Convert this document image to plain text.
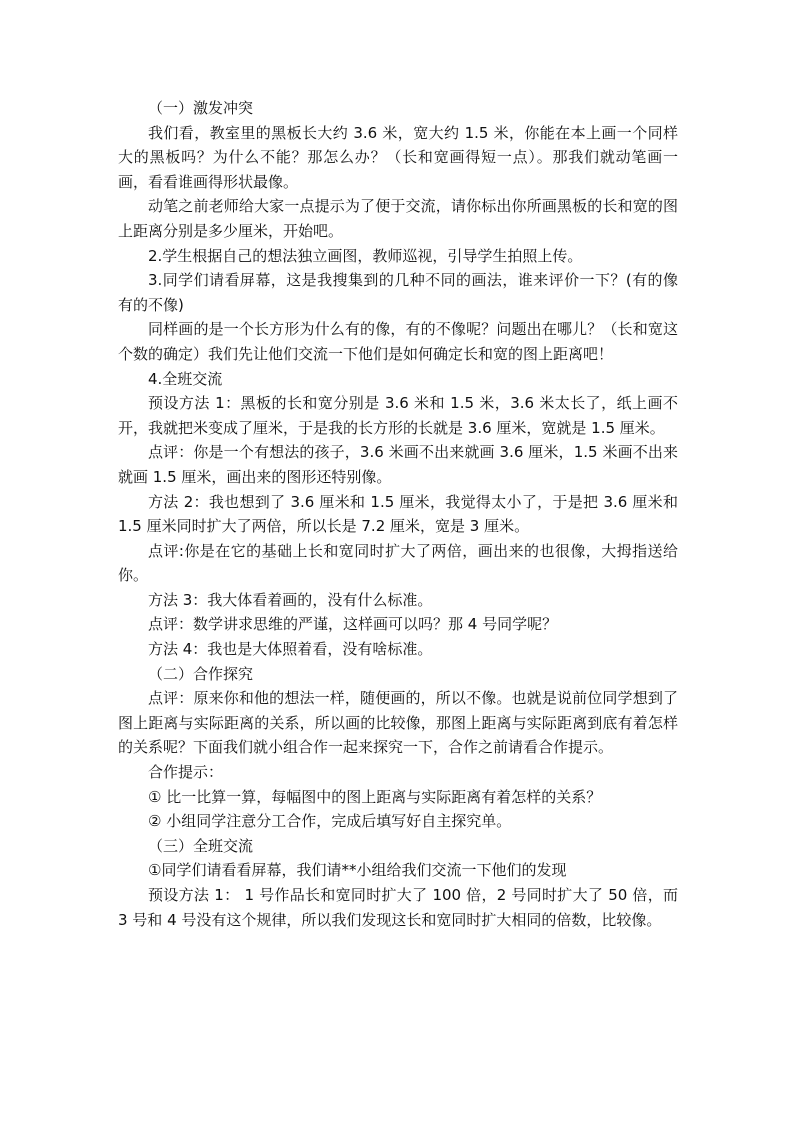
（一）激发冲突

我们看，教室里的黑板长大约 3.6 米，宽大约 1.5 米，你能在本上画一个同样大的黑板吗？为什么不能？那怎么办？（长和宽画得短一点）。那我们就动笔画一画，看看谁画得形状最像。

动笔之前老师给大家一点提示为了便于交流，请你标出你所画黑板的长和宽的图上距离分别是多少厘米，开始吧。

2.学生根据自己的想法独立画图，教师巡视，引导学生拍照上传。

3.同学们请看屏幕，这是我搜集到的几种不同的画法，谁来评价一下？(有的像有的不像)

同样画的是一个长方形为什么有的像，有的不像呢？问题出在哪儿？（长和宽这个数的确定）我们先让他们交流一下他们是如何确定长和宽的图上距离吧！

4.全班交流

预设方法 1：黑板的长和宽分别是 3.6 米和 1.5 米，3.6 米太长了，纸上画不开，我就把米变成了厘米，于是我的长方形的长就是 3.6 厘米，宽就是 1.5 厘米。

点评：你是一个有想法的孩子，3.6 米画不出来就画 3.6 厘米，1.5 米画不出来就画 1.5 厘米，画出来的图形还特别像。

方法 2：我也想到了 3.6 厘米和 1.5 厘米，我觉得太小了，于是把 3.6 厘米和 1.5 厘米同时扩大了两倍，所以长是 7.2 厘米，宽是 3 厘米。

点评:你是在它的基础上长和宽同时扩大了两倍，画出来的也很像，大拇指送给你。

方法 3：我大体看着画的，没有什么标准。

点评：数学讲求思维的严谨，这样画可以吗？那 4 号同学呢？

方法 4：我也是大体照着看，没有啥标准。

（二）合作探究

点评：原来你和他的想法一样，随便画的，所以不像。也就是说前位同学想到了图上距离与实际距离的关系，所以画的比较像，那图上距离与实际距离到底有着怎样的关系呢？下面我们就小组合作一起来探究一下，合作之前请看合作提示。

合作提示：

① 比一比算一算，每幅图中的图上距离与实际距离有着怎样的关系？

② 小组同学注意分工合作，完成后填写好自主探究单。

（三）全班交流

①同学们请看看屏幕，我们请**小组给我们交流一下他们的发现

预设方法 1： 1 号作品长和宽同时扩大了 100 倍，2 号同时扩大了 50 倍，而 3 号和 4 号没有这个规律，所以我们发现这长和宽同时扩大相同的倍数，比较像。
